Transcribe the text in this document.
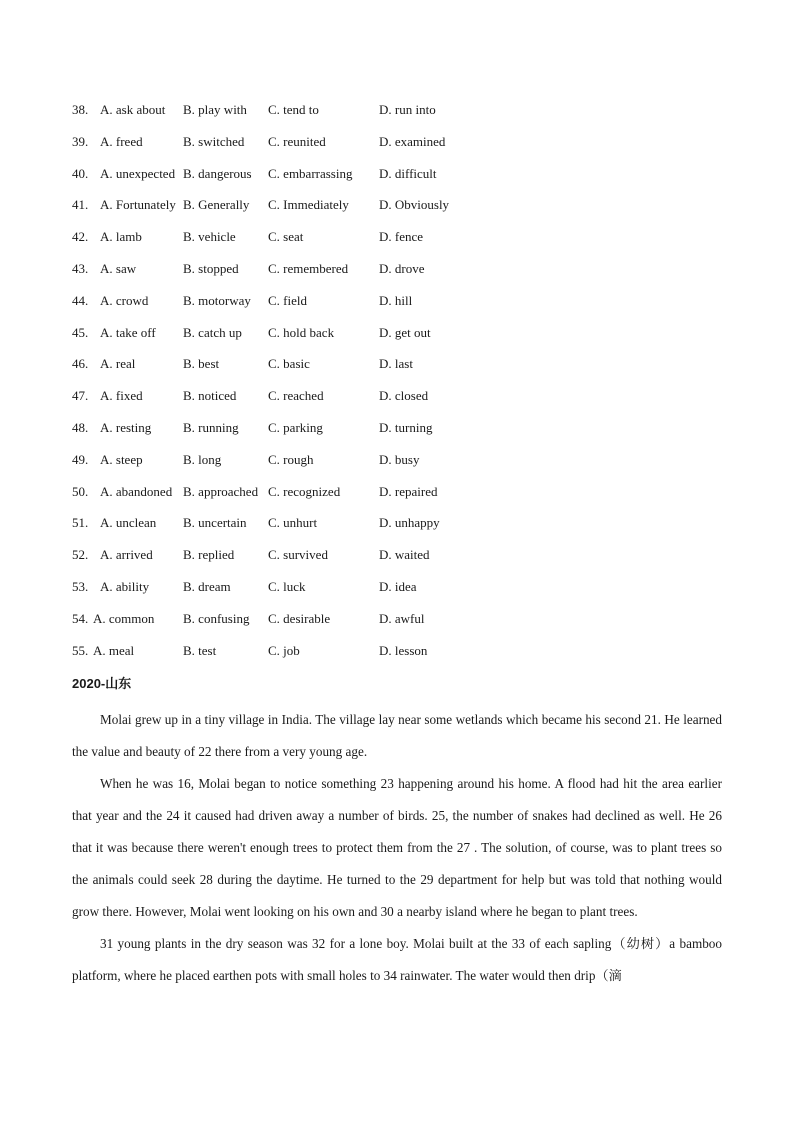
38. A. ask about B. play with C. tend to	D. run into
39. A. freed	B. switched C. reunited	D. examined
40. A. unexpected B. dangerous C. embarrassing D. difficult
41. A. Fortunately B. Generally C. Immediately D. Obviously
42. A. lamb	B. vehicle C. seat	D. fence
43. A. saw	B. stopped C. remembered D. drove
44. A. crowd	B. motorway C. field	D. hill
45. A. take off B. catch up C. hold back	D. get out
46. A. real	B. best	C. basic	D. last
47. A. fixed	B. noticed C. reached	D. closed
48. A. resting B. running C. parking	D. turning
49. A. steep	B. long	C. rough	D. busy
50. A. abandoned B. approached C. recognized	D. repaired
51. A. unclean B. uncertain C. unhurt	D. unhappy
52. A. arrived B. replied	C. survived	D. waited
53. A. ability	B. dream	C. luck	D. idea
54. A. common B. confusing C. desirable	D. awful
55. A. meal	B. test	C. job	D. lesson
2020-山东

Molai grew up in a tiny village in India. The village lay near some wetlands which became his second 21. He learned the value and beauty of 22 there from a very young age.

When he was 16, Molai began to notice something 23 happening around his home. A flood had hit the area earlier that year and the 24 it caused had driven away a number of birds. 25, the number of snakes had declined as well. He 26 that it was because there weren't enough trees to protect them from the 27 . The solution, of course, was to plant trees so the animals could seek 28 during the daytime. He turned to the 29 department for help but was told that nothing would grow there. However, Molai went looking on his own and 30 a nearby island where he began to plant trees.

31 young plants in the dry season was 32 for a lone boy. Molai built at the 33 of each sapling（幼树）a bamboo platform, where he placed earthen pots with small holes to 34 rainwater. The water would then drip（滴
